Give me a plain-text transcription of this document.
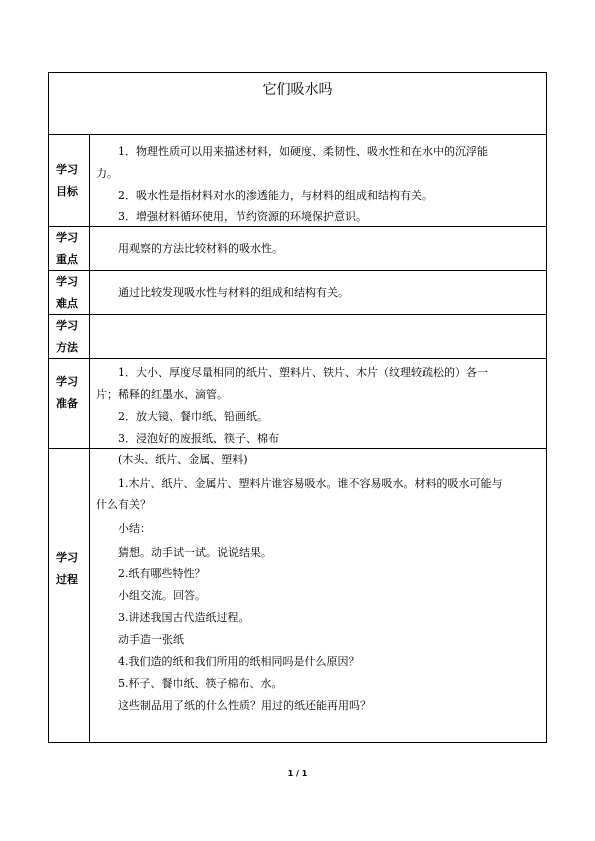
它们吸水吗
学习
目标
1．物理性质可以用来描述材料，如硬度、柔韧性、吸水性和在水中的沉浮能
力。
2．吸水性是指材料对水的渗透能力，与材料的组成和结构有关。
3．增强材料循环使用，节约资源的环境保护意识。
学习
重点
用观察的方法比较材料的吸水性。
学习
难点
通过比较发现吸水性与材料的组成和结构有关。
学习
方法
学习
准备
1．大小、厚度尽量相同的纸片、塑料片、铁片、木片（纹理较疏松的）各一
片；稀释的红墨水、滴管。
2．放大镜、餐巾纸、铅画纸。
3．浸泡好的废报纸、筷子、棉布
学习
过程
(木头、纸片、金属、塑料)
1.木片、纸片、金属片、塑料片谁容易吸水。谁不容易吸水。材料的吸水可能与
什么有关？
小结：
猜想。动手试一试。说说结果。
2.纸有哪些特性？
小组交流。回答。
3.讲述我国古代造纸过程。
动手造一张纸
4.我们造的纸和我们所用的纸相同吗是什么原因？
5.杯子、餐巾纸、筷子棉布、水。
这些制品用了纸的什么性质？用过的纸还能再用吗？
1 / 1
